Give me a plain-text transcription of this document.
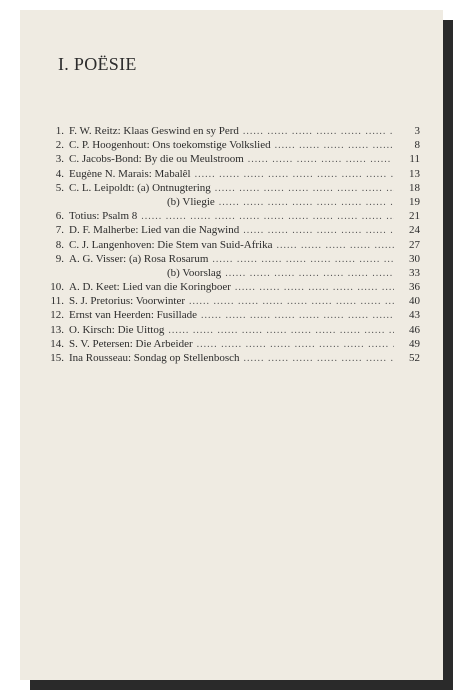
I. POËSIE
1. F. W. Reitz: Klaas Geswind en sy Perd .....	3
2. C. P. Hoogenhout: Ons toekomstige Volkslied .....	8
3. C. Jacobs-Bond: By die ou Meulstroom .....	11
4. Eugène N. Marais: Mabalêl .....	13
5. C. L. Leipoldt: (a) Ontnugtering .....	18
(b) Vliegie .....	19
6. Totius: Psalm 8 .....	21
7. D. F. Malherbe: Lied van die Nagwind .....	24
8. C. J. Langenhoven: Die Stem van Suid-Afrika .....	27
9. A. G. Visser: (a) Rosa Rosarum .....	30
(b) Voorslag .....	33
10. A. D. Keet: Lied van die Koringboer .....	36
11. S. J. Pretorius: Voorwinter .....	40
12. Ernst van Heerden: Fusillade .....	43
13. O. Kirsch: Die Uittog .....	46
14. S. V. Petersen: Die Arbeider .....	49
15. Ina Rousseau: Sondag op Stellenbosch .....	52
